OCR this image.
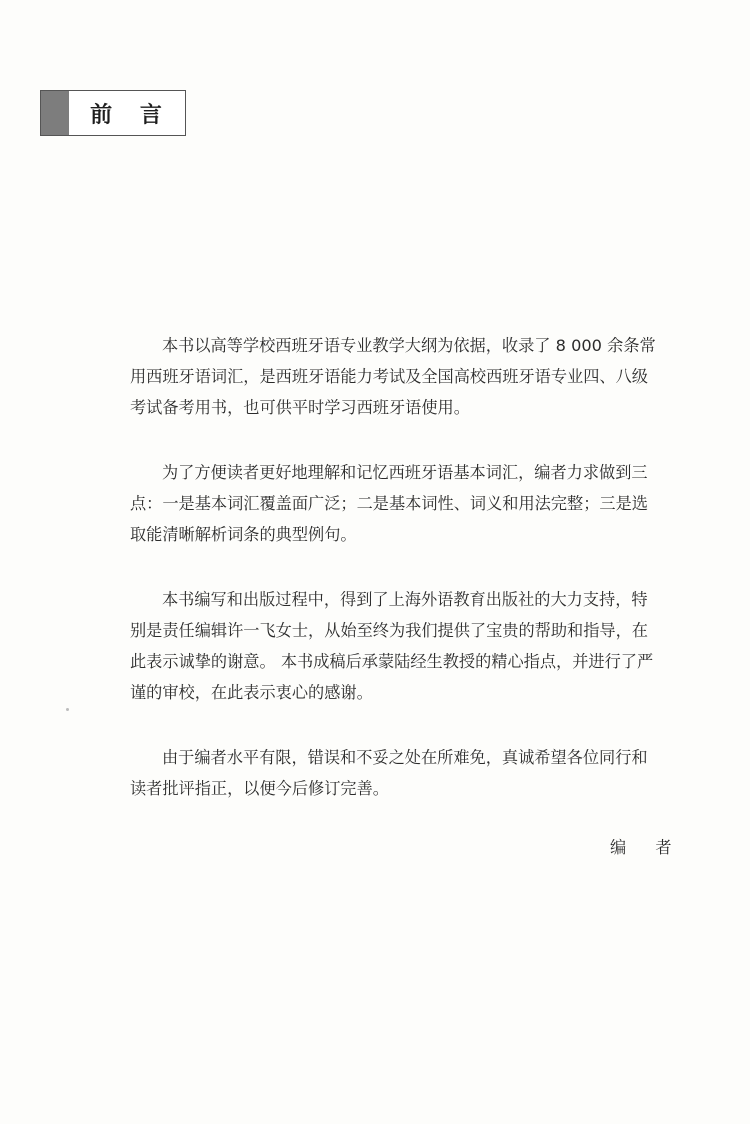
前 言

本书以高等学校西班牙语专业教学大纲为依据，收录了 8 000 余条常
用西班牙语词汇，是西班牙语能力考试及全国高校西班牙语专业四、八级
考试备考用书，也可供平时学习西班牙语使用。

为了方便读者更好地理解和记忆西班牙语基本词汇，编者力求做到三
点：一是基本词汇覆盖面广泛；二是基本词性、词义和用法完整；三是选
取能清晰解析词条的典型例句。

本书编写和出版过程中，得到了上海外语教育出版社的大力支持，特
别是责任编辑许一飞女士，从始至终为我们提供了宝贵的帮助和指导，在
此表示诚挚的谢意。 本书成稿后承蒙陆经生教授的精心指点，并进行了严
谨的审校，在此表示衷心的感谢。

由于编者水平有限，错误和不妥之处在所难免，真诚希望各位同行和
读者批评指正，以便今后修订完善。

编 者
